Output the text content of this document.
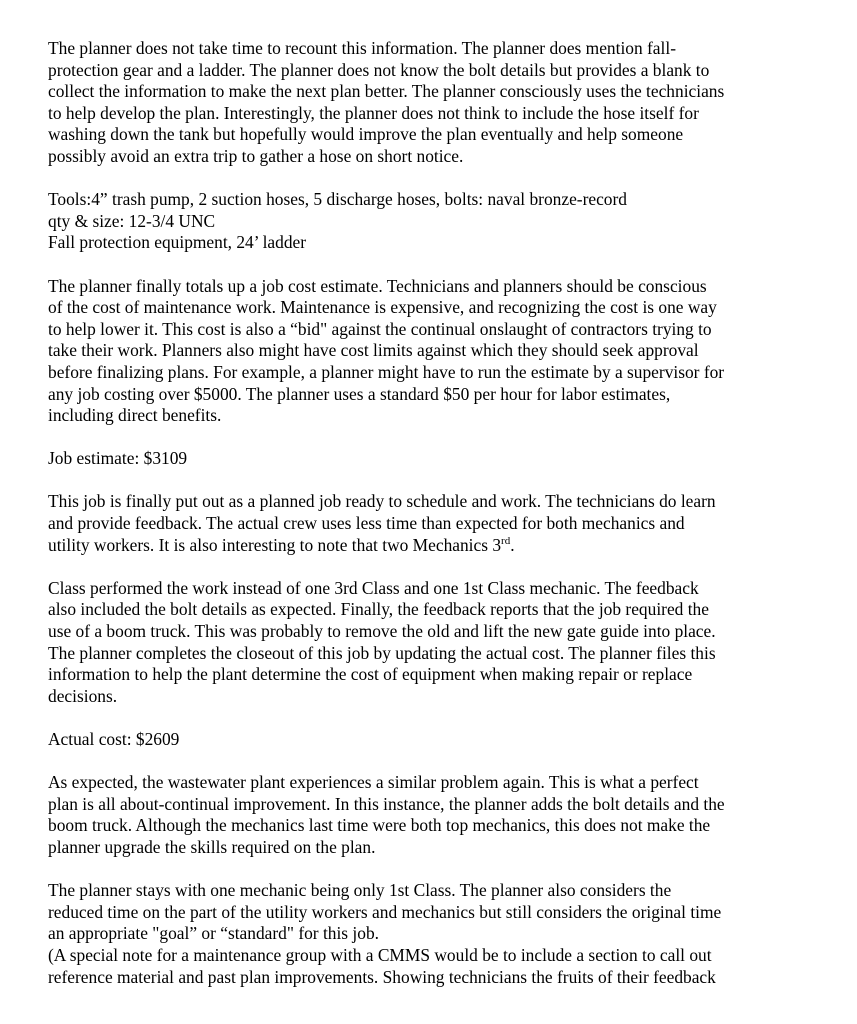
The planner does not take time to recount this information. The planner does mention fall-
protection gear and a ladder. The planner does not know the bolt details but provides a blank to
collect the information to make the next plan better. The planner consciously uses the technicians
to help develop the plan. Interestingly, the planner does not think to include the hose itself for
washing down the tank but hopefully would improve the plan eventually and help someone
possibly avoid an extra trip to gather a hose on short notice.

Tools:4” trash pump, 2 suction hoses, 5 discharge hoses, bolts: naval bronze-record
qty & size: 12-3/4 UNC
Fall protection equipment, 24’ ladder

The planner finally totals up a job cost estimate. Technicians and planners should be conscious
of the cost of maintenance work. Maintenance is expensive, and recognizing the cost is one way
to help lower it. This cost is also a “bid" against the continual onslaught of contractors trying to
take their work. Planners also might have cost limits against which they should seek approval
before finalizing plans. For example, a planner might have to run the estimate by a supervisor for
any job costing over $5000. The planner uses a standard $50 per hour for labor estimates,
including direct benefits.

Job estimate: $3109

This job is finally put out as a planned job ready to schedule and work. The technicians do learn
and provide feedback. The actual crew uses less time than expected for both mechanics and
utility workers. It is also interesting to note that two Mechanics 3rd.

Class performed the work instead of one 3rd Class and one 1st Class mechanic. The feedback
also included the bolt details as expected. Finally, the feedback reports that the job required the
use of a boom truck. This was probably to remove the old and lift the new gate guide into place.
The planner completes the closeout of this job by updating the actual cost. The planner files this
information to help the plant determine the cost of equipment when making repair or replace
decisions.

Actual cost: $2609

As expected, the wastewater plant experiences a similar problem again. This is what a perfect
plan is all about-continual improvement. In this instance, the planner adds the bolt details and the
boom truck. Although the mechanics last time were both top mechanics, this does not make the
planner upgrade the skills required on the plan.

The planner stays with one mechanic being only 1st Class. The planner also considers the
reduced time on the part of the utility workers and mechanics but still considers the original time
an appropriate "goal” or “standard" for this job.
(A special note for a maintenance group with a CMMS would be to include a section to call out
reference material and past plan improvements. Showing technicians the fruits of their feedback
